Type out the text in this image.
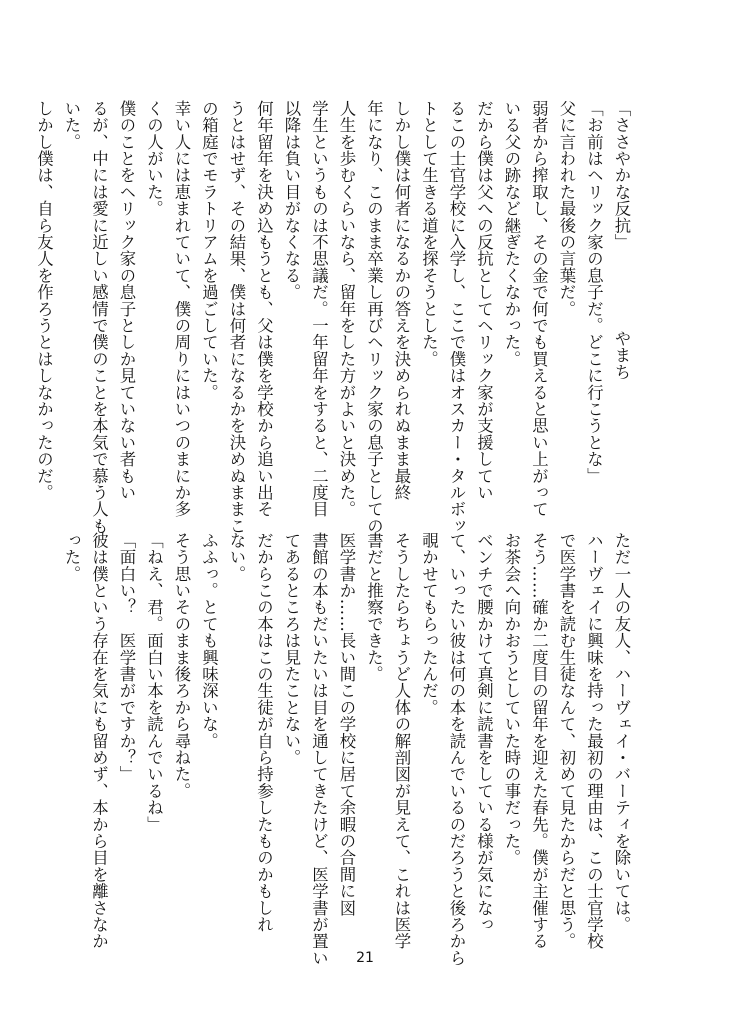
「ささやかな反抗」
やまち
「お前はヘリック家の息子だ。どこに行こうとな」
父に言われた最後の言葉だ。
弱者から搾取し、その金で何でも買えると思い上がって
いる父の跡など継ぎたくなかった。
だから僕は父への反抗としてヘリック家が支援してい
るこの士官学校に入学し、ここで僕はオスカー・タルボッ
トとして生きる道を探そうとした。
しかし僕は何者になるかの答えを決められぬまま最終
年になり、このまま卒業し再びヘリック家の息子としての
人生を歩むくらいなら、留年をした方がよいと決めた。
学生というものは不思議だ。一年留年をすると、二度目
以降は負い目がなくなる。
何年留年を決め込もうとも、父は僕を学校から追い出そ
うとはせず、その結果、僕は何者になるかを決めぬままこ
の箱庭でモラトリアムを過ごしていた。
幸い人には恵まれていて、僕の周りにはいつのまにか多
くの人がいた。
僕のことをヘリック家の息子としか見ていない者もい
るが、中には愛に近しい感情で僕のことを本気で慕う人も
いた。
しかし僕は、自ら友人を作ろうとはしなかったのだ。
ただ一人の友人、ハーヴェイ・バーティを除いては。
ハーヴェイに興味を持った最初の理由は、この士官学校
で医学書を読む生徒なんて、初めて見たからだと思う。
そう……確か二度目の留年を迎えた春先。僕が主催する
お茶会へ向かおうとしていた時の事だった。
ベンチで腰かけて真剣に読書をしている様が気になっ
て、いったい彼は何の本を読んでいるのだろうと後ろから
覗かせてもらったんだ。
そうしたらちょうど人体の解剖図が見えて、これは医学
書だと推察できた。
医学書か……長い間この学校に居て余暇の合間に図
書館の本もだいたいは目を通してきたけど、医学書が置い
てあるところは見たことない。
だからこの本はこの生徒が自ら持参したものかもしれ
ない。
ふふっ。とても興味深いな。
そう思いそのまま後ろから尋ねた。
「ねえ、君。面白い本を読んでいるね」
「面白い？　医学書がですか？」
彼は僕という存在を気にも留めず、本から目を離さなか
った。
21
